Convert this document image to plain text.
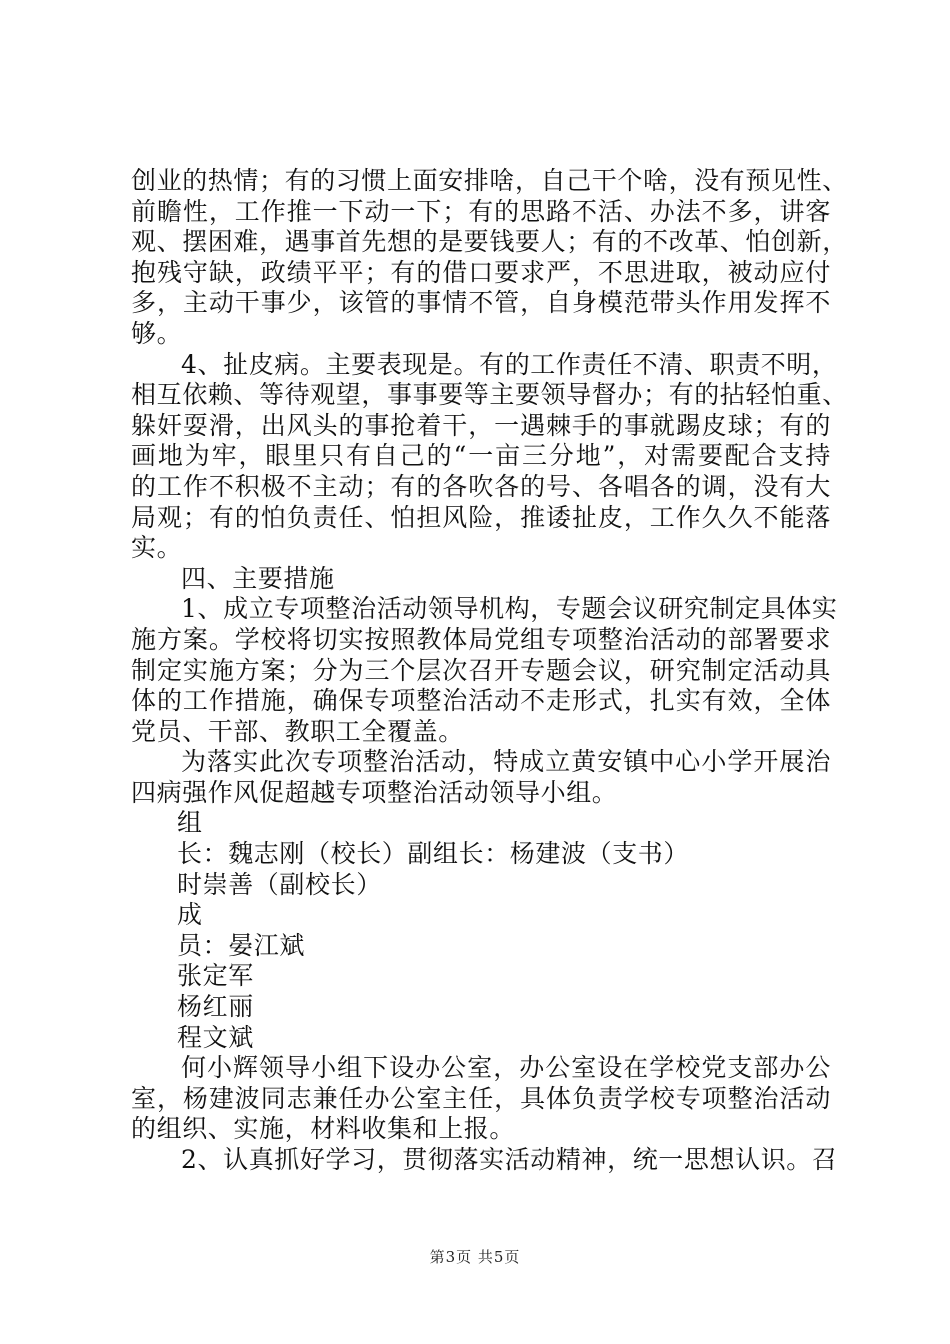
创业的热情；有的习惯上面安排啥，自己干个啥，没有预见性、
前瞻性，工作推一下动一下；有的思路不活、办法不多，讲客
观、摆困难，遇事首先想的是要钱要人；有的不改革、怕创新，
抱残守缺，政绩平平；有的借口要求严，不思进取，被动应付
多，主动干事少，该管的事情不管，自身模范带头作用发挥不
够。
4、扯皮病。主要表现是。有的工作责任不清、职责不明，
相互依赖、等待观望，事事要等主要领导督办；有的拈轻怕重、
躲奸耍滑，出风头的事抢着干，一遇棘手的事就踢皮球；有的
画地为牢，眼里只有自己的“一亩三分地”，对需要配合支持
的工作不积极不主动；有的各吹各的号、各唱各的调，没有大
局观；有的怕负责任、怕担风险，推诿扯皮，工作久久不能落
实。
四、主要措施
1、成立专项整治活动领导机构，专题会议研究制定具体实
施方案。学校将切实按照教体局党组专项整治活动的部署要求
制定实施方案；分为三个层次召开专题会议，研究制定活动具
体的工作措施，确保专项整治活动不走形式，扎实有效，全体
党员、干部、教职工全覆盖。
为落实此次专项整治活动，特成立黄安镇中心小学开展治
四病强作风促超越专项整治活动领导小组。
组
长：魏志刚（校长）副组长：杨建波（支书）
时崇善（副校长）
成
员：晏江斌
张定军
杨红丽
程文斌
何小辉领导小组下设办公室，办公室设在学校党支部办公
室，杨建波同志兼任办公室主任，具体负责学校专项整治活动
的组织、实施，材料收集和上报。
2、认真抓好学习，贯彻落实活动精神，统一思想认识。召
第3页 共5页
